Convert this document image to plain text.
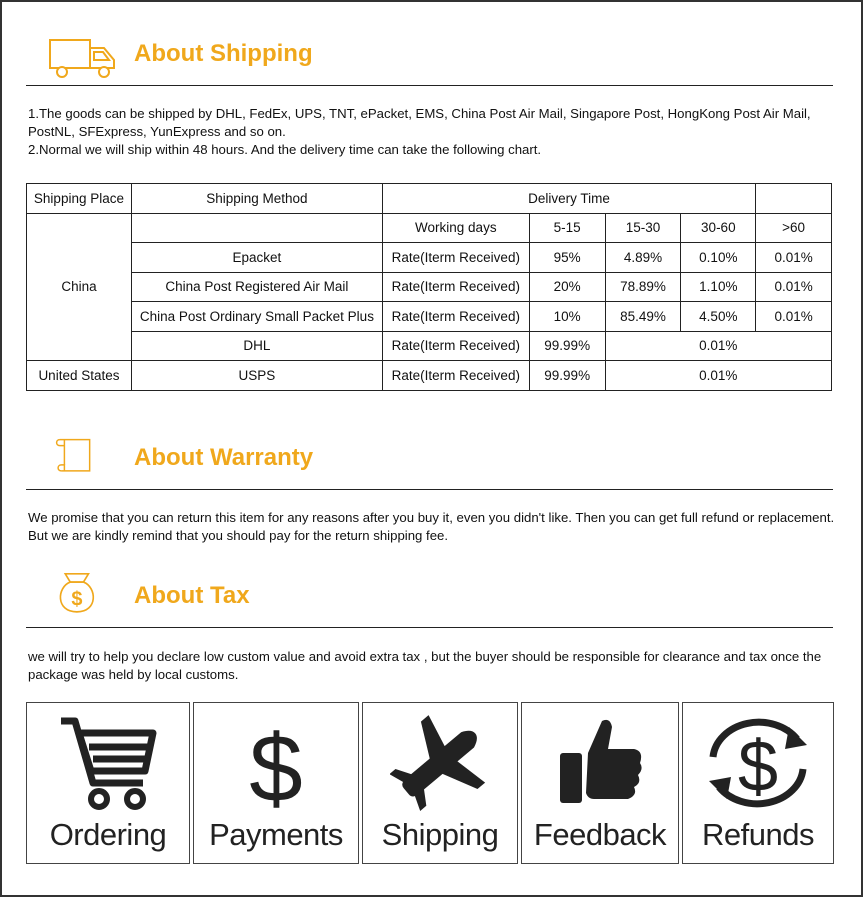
About Shipping
1.The goods can be shipped by DHL, FedEx, UPS, TNT, ePacket, EMS, China Post Air Mail, Singapore Post, HongKong Post Air Mail, PostNL, SFExpress, YunExpress and so on.
2.Normal we will ship within 48 hours. And the delivery time can take the following chart.
Shipping Place	Shipping Method	Delivery Time				
China		Working days	5-15	15-30	30-60	>60
	Epacket	Rate(Iterm Received)	95%	4.89%	0.10%	0.01%
	China Post Registered Air Mail	Rate(Iterm Received)	20%	78.89%	1.10%	0.01%
	China Post Ordinary Small Packet Plus	Rate(Iterm Received)	10%	85.49%	4.50%	0.01%
	DHL	Rate(Iterm Received)	99.99%	0.01%		
United States	USPS	Rate(Iterm Received)	99.99%	0.01%		
About Warranty
We promise that you can return this item for any reasons after you buy it, even you didn't like. Then you can get full refund or replacement. But we are kindly remind that you should pay for the return shipping fee.
$ About Tax
we will try to help you declare low custom value and avoid extra tax , but the buyer should be responsible for clearance and tax once the package was held by local customs.
Ordering
$
Payments	Shipping	Feedback
$
Refunds
